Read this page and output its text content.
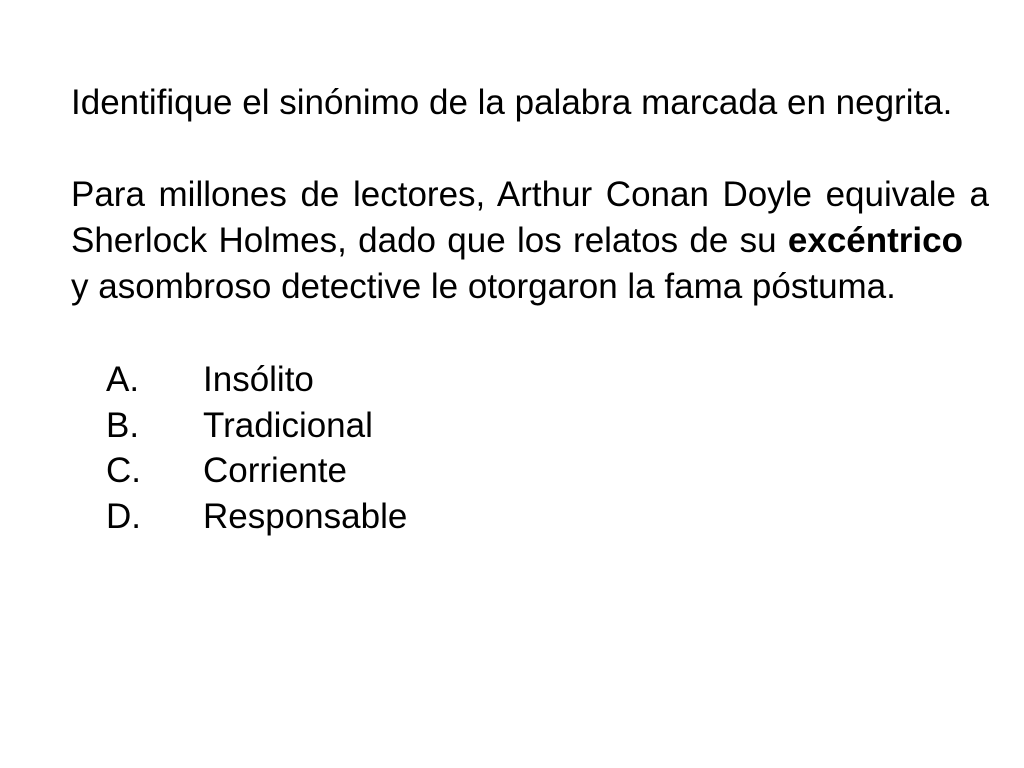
Identifique el sinónimo de la palabra marcada en negrita.

Para millones de lectores, Arthur Conan Doyle equivale a Sherlock Holmes, dado que los relatos de su excéntricoy asombroso detective le otorgaron la fama póstuma.

A.	Insólito
B.	Tradicional
C.	Corriente
D.	Responsable
